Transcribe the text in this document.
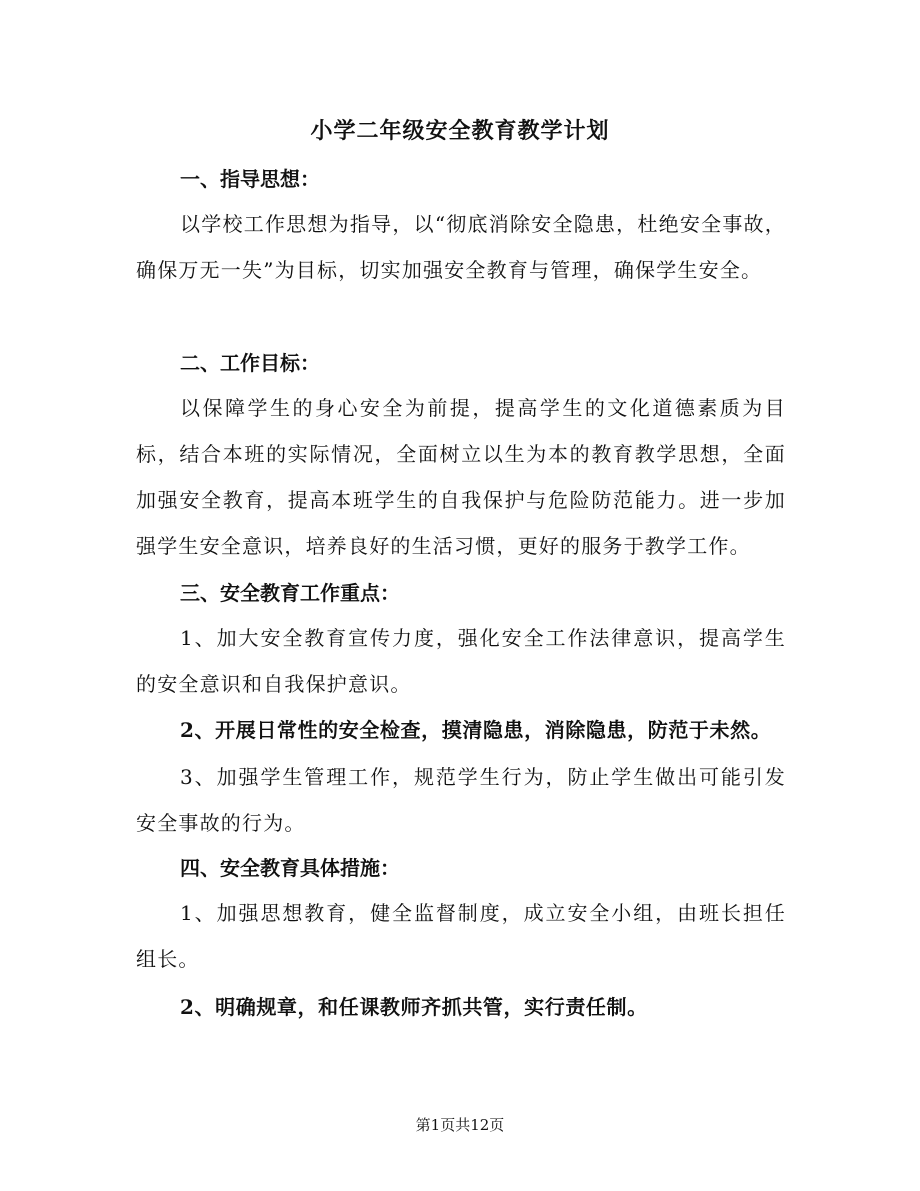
小学二年级安全教育教学计划
一、指导思想：
以学校工作思想为指导，以“彻底消除安全隐患，杜绝安全事故，确保万无一失”为目标，切实加强安全教育与管理，确保学生安全。
二、工作目标：
以保障学生的身心安全为前提，提高学生的文化道德素质为目标，结合本班的实际情况，全面树立以生为本的教育教学思想，全面加强安全教育，提高本班学生的自我保护与危险防范能力。进一步加强学生安全意识，培养良好的生活习惯，更好的服务于教学工作。
三、安全教育工作重点：
1、加大安全教育宣传力度，强化安全工作法律意识，提高学生的安全意识和自我保护意识。
2、开展日常性的安全检查，摸清隐患，消除隐患，防范于未然。
3、加强学生管理工作，规范学生行为，防止学生做出可能引发安全事故的行为。
四、安全教育具体措施：
1、加强思想教育，健全监督制度，成立安全小组，由班长担任组长。
2、明确规章，和任课教师齐抓共管，实行责任制。
第1页共12页
